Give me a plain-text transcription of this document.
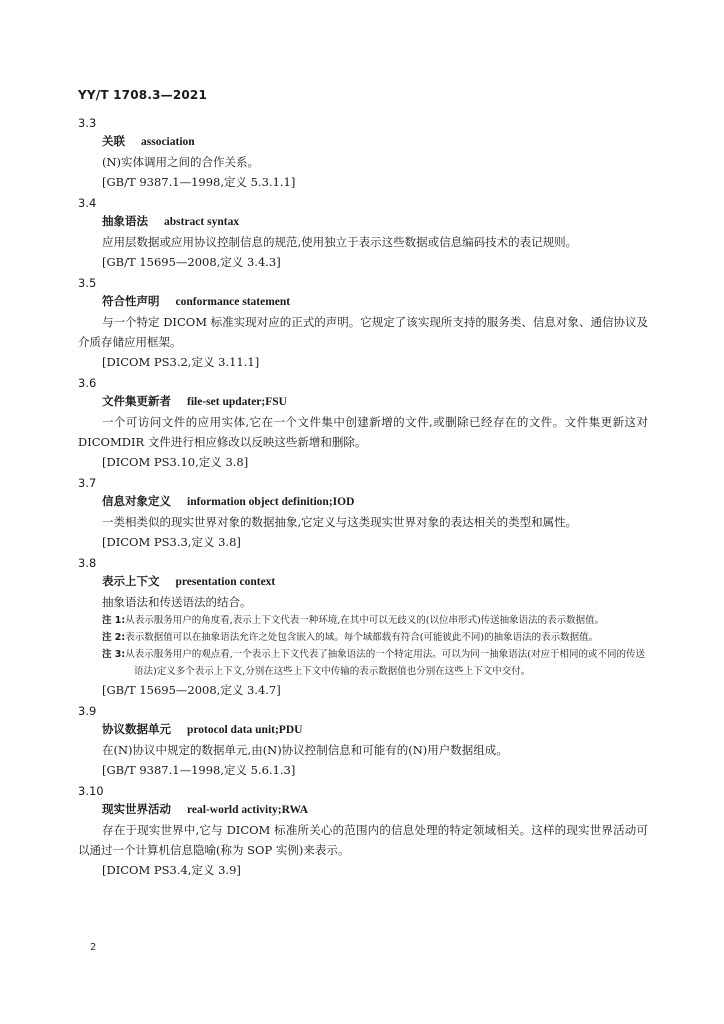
YY/T 1708.3—2021
3.3
关联 association
(N)实体调用之间的合作关系。
[GB/T 9387.1—1998,定义 5.3.1.1]
3.4
抽象语法 abstract syntax
应用层数据或应用协议控制信息的规范,使用独立于表示这些数据或信息编码技术的表记规则。
[GB/T 15695—2008,定义 3.4.3]
3.5
符合性声明 conformance statement
与一个特定 DICOM 标准实现对应的正式的声明。它规定了该实现所支持的服务类、信息对象、通信协议及介质存储应用框架。
[DICOM PS3.2,定义 3.11.1]
3.6
文件集更新者 file-set updater;FSU
一个可访问文件的应用实体,它在一个文件集中创建新增的文件,或删除已经存在的文件。文件集更新这对 DICOMDIR 文件进行相应修改以反映这些新增和删除。
[DICOM PS3.10,定义 3.8]
3.7
信息对象定义 information object definition;IOD
一类相类似的现实世界对象的数据抽象,它定义与这类现实世界对象的表达相关的类型和属性。
[DICOM PS3.3,定义 3.8]
3.8
表示上下文 presentation context
抽象语法和传送语法的结合。
注 1:从表示服务用户的角度看,表示上下文代表一种环境,在其中可以无歧义的(以位串形式)传送抽象语法的表示数据值。
注 2:表示数据值可以在抽象语法允许之处包含嵌入的域。每个域都载有符合(可能彼此不同)的抽象语法的表示数据值。
注 3:从表示服务用户的观点看,一个表示上下文代表了抽象语法的一个特定用法。可以为同一抽象语法(对应于相同的或不同的传送语法)定义多个表示上下文,分别在这些上下文中传输的表示数据值也分别在这些上下文中交付。
[GB/T 15695—2008,定义 3.4.7]
3.9
协议数据单元 protocol data unit;PDU
在(N)协议中规定的数据单元,由(N)协议控制信息和可能有的(N)用户数据组成。
[GB/T 9387.1—1998,定义 5.6.1.3]
3.10
现实世界活动 real-world activity;RWA
存在于现实世界中,它与 DICOM 标准所关心的范围内的信息处理的特定领域相关。这样的现实世界活动可以通过一个计算机信息隐喻(称为 SOP 实例)来表示。
[DICOM PS3.4,定义 3.9]
2
